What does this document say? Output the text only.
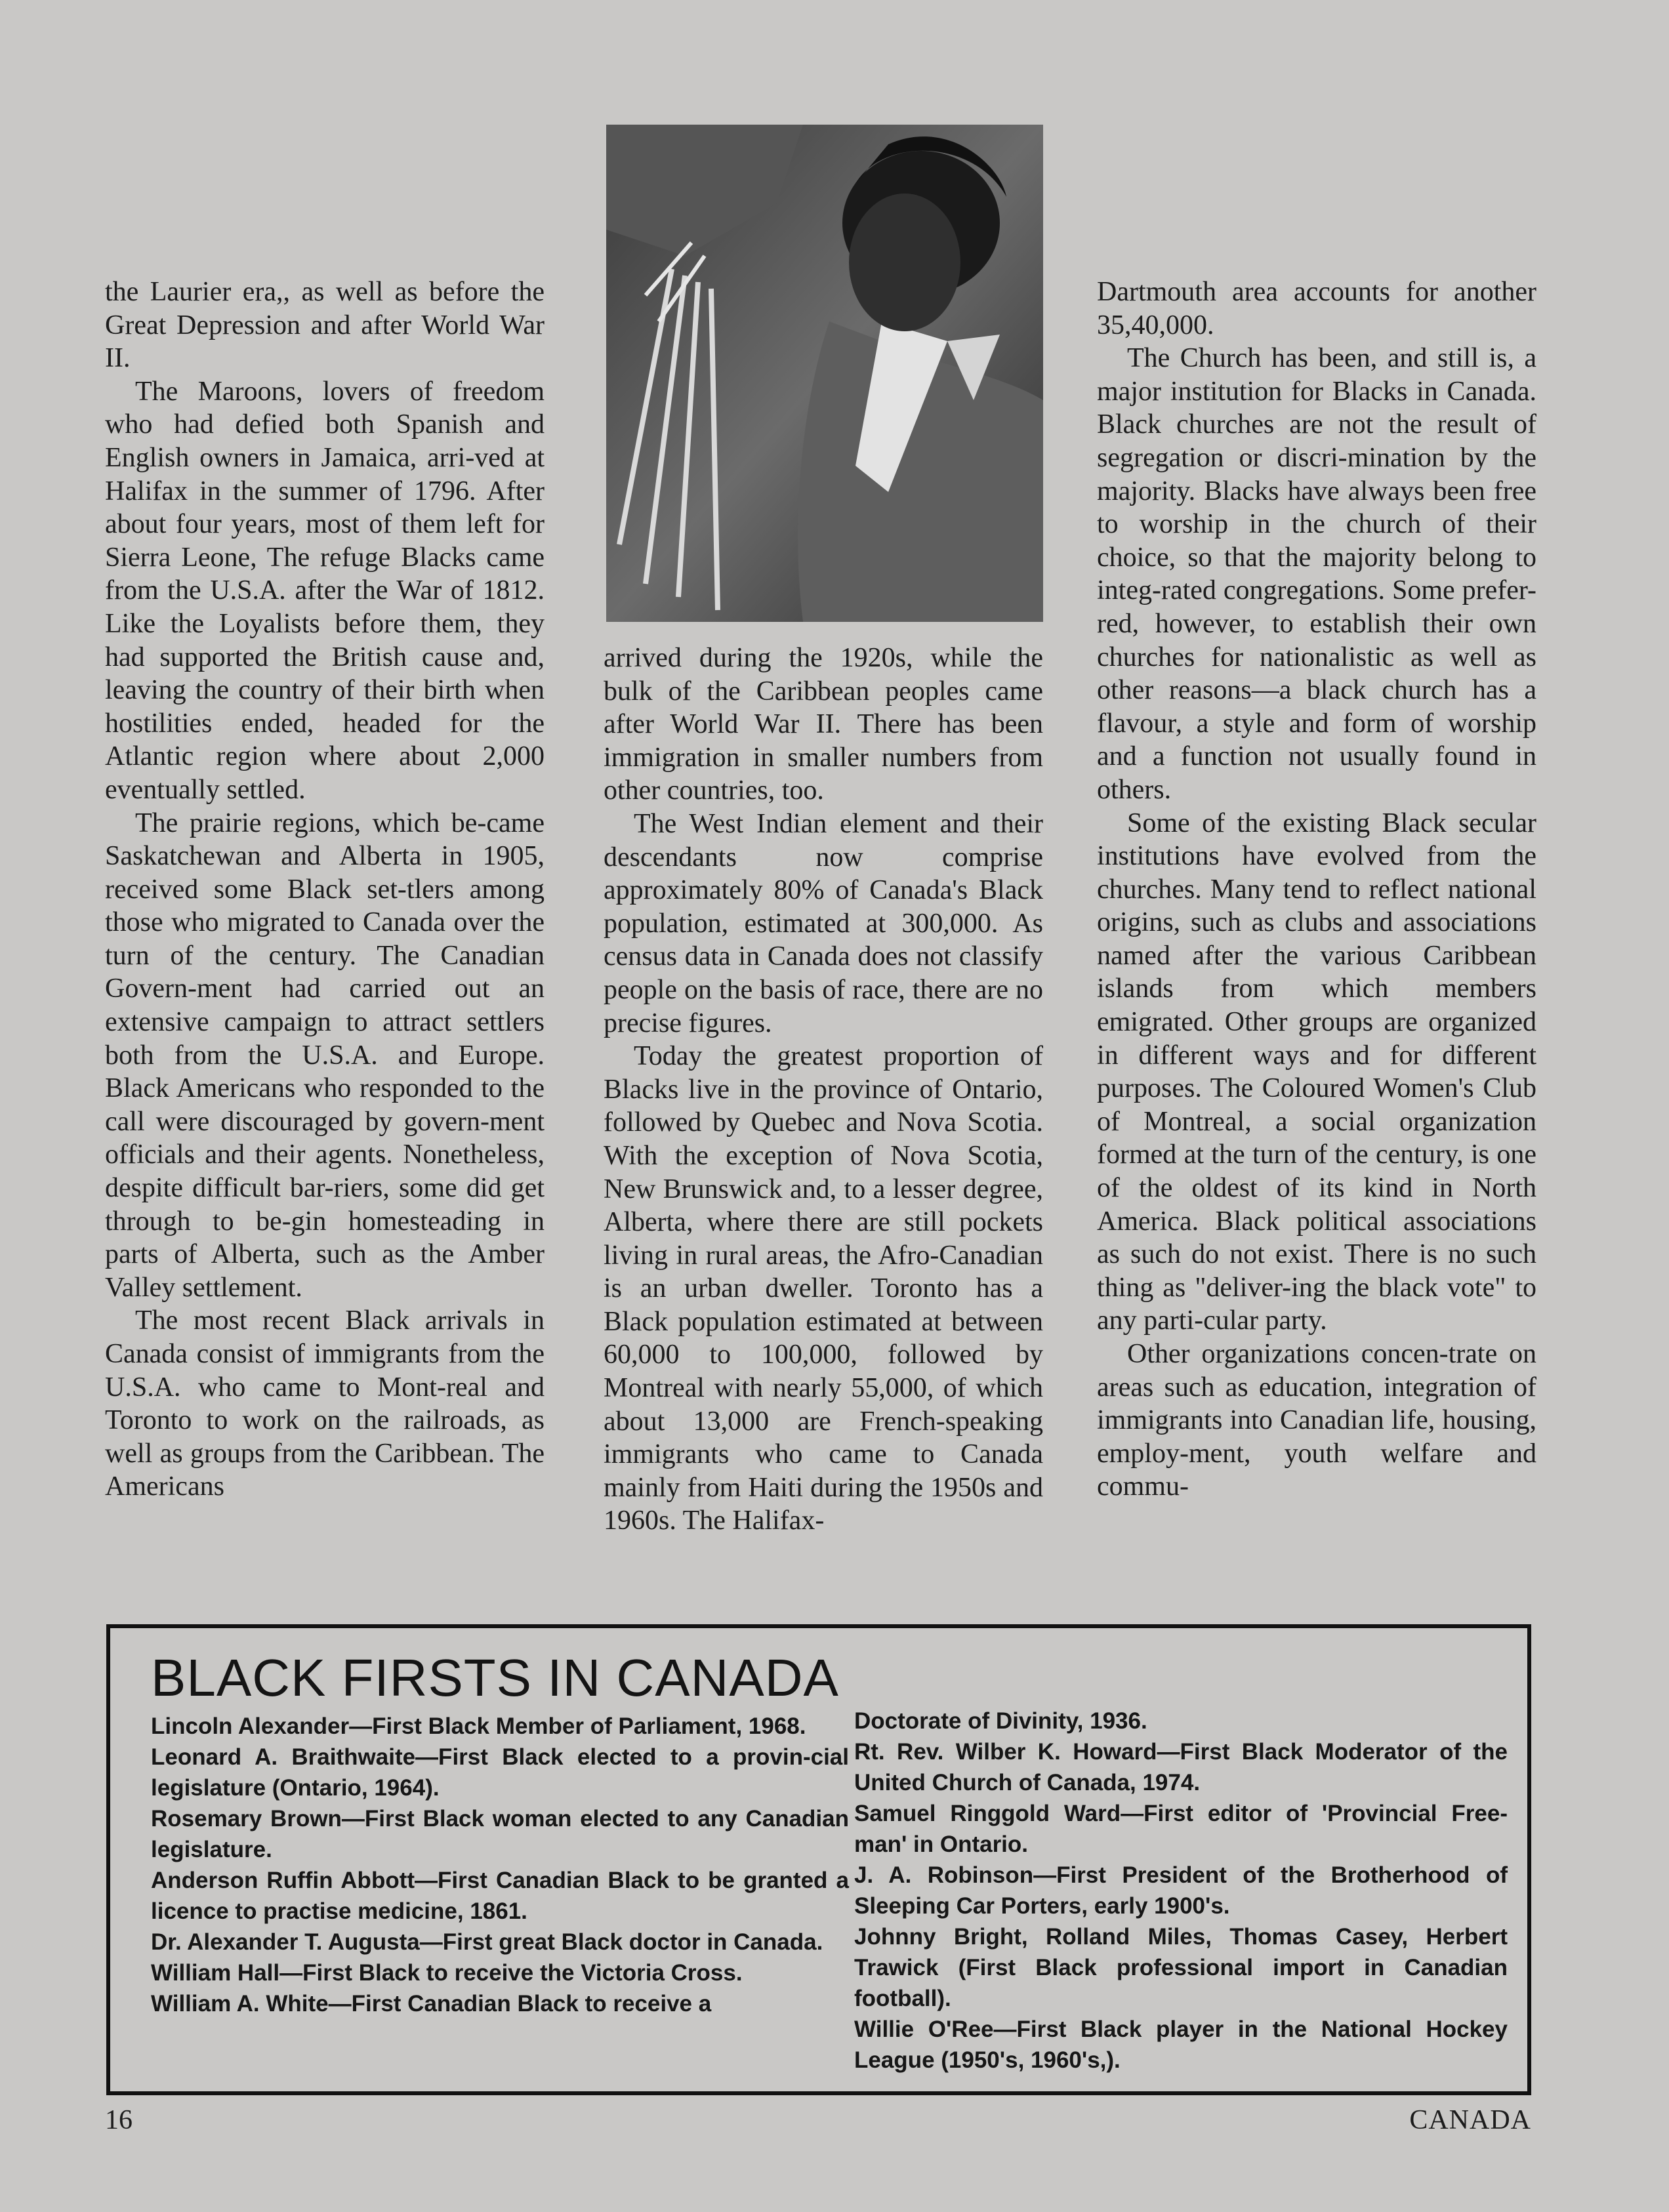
the Laurier era,, as well as before the Great Depression and after World War II.

The Maroons, lovers of freedom who had defied both Spanish and English owners in Jamaica, arri-ved at Halifax in the summer of 1796. After about four years, most of them left for Sierra Leone, The refuge Blacks came from the U.S.A. after the War of 1812. Like the Loyalists before them, they had supported the British cause and, leaving the country of their birth when hostilities ended, headed for the Atlantic region where about 2,000 eventually settled.

The prairie regions, which be-came Saskatchewan and Alberta in 1905, received some Black set-tlers among those who migrated to Canada over the turn of the century. The Canadian Govern-ment had carried out an extensive campaign to attract settlers both from the U.S.A. and Europe. Black Americans who responded to the call were discouraged by govern-ment officials and their agents. Nonetheless, despite difficult bar-riers, some did get through to be-gin homesteading in parts of Alberta, such as the Amber Valley settlement.

The most recent Black arrivals in Canada consist of immigrants from the U.S.A. who came to Mont-real and Toronto to work on the railroads, as well as groups from the Caribbean. The Americans

arrived during the 1920s, while the bulk of the Caribbean peoples came after World War II. There has been immigration in smaller numbers from other countries, too.

The West Indian element and their descendants now comprise approximately 80% of Canada's Black population, estimated at 300,000. As census data in Canada does not classify people on the basis of race, there are no precise figures.

Today the greatest proportion of Blacks live in the province of Ontario, followed by Quebec and Nova Scotia. With the exception of Nova Scotia, New Brunswick and, to a lesser degree, Alberta, where there are still pockets living in rural areas, the Afro-Canadian is an urban dweller. Toronto has a Black population estimated at between 60,000 to 100,000, followed by Montreal with nearly 55,000, of which about 13,000 are French-speaking immigrants who came to Canada mainly from Haiti during the 1950s and 1960s. The Halifax-

Dartmouth area accounts for another 35,40,000.

The Church has been, and still is, a major institution for Blacks in Canada. Black churches are not the result of segregation or discri-mination by the majority. Blacks have always been free to worship in the church of their choice, so that the majority belong to integ-rated congregations. Some prefer-red, however, to establish their own churches for nationalistic as well as other reasons—a black church has a flavour, a style and form of worship and a function not usually found in others.

Some of the existing Black secular institutions have evolved from the churches. Many tend to reflect national origins, such as clubs and associations named after the various Caribbean islands from which members emigrated. Other groups are organized in different ways and for different purposes. The Coloured Women's Club of Montreal, a social organization formed at the turn of the century, is one of the oldest of its kind in North America. Black political associations as such do not exist. There is no such thing as "deliver-ing the black vote" to any parti-cular party.

Other organizations concen-trate on areas such as education, integration of immigrants into Canadian life, housing, employ-ment, youth welfare and commu-

BLACK FIRSTS IN CANADA

Lincoln Alexander—First Black Member of Parliament, 1968.

Leonard A. Braithwaite—First Black elected to a provin-cial legislature (Ontario, 1964).

Rosemary Brown—First Black woman elected to any Canadian legislature.

Anderson Ruffin Abbott—First Canadian Black to be granted a licence to practise medicine, 1861.

Dr. Alexander T. Augusta—First great Black doctor in Canada.

William Hall—First Black to receive the Victoria Cross.

William A. White—First Canadian Black to receive a

Doctorate of Divinity, 1936.

Rt. Rev. Wilber K. Howard—First Black Moderator of the United Church of Canada, 1974.

Samuel Ringgold Ward—First editor of 'Provincial Free-man' in Ontario.

J. A. Robinson—First President of the Brotherhood of Sleeping Car Porters, early 1900's.

Johnny Bright, Rolland Miles, Thomas Casey, Herbert Trawick (First Black professional import in Canadian football).

Willie O'Ree—First Black player in the National Hockey League (1950's, 1960's,).

16	CANADA
